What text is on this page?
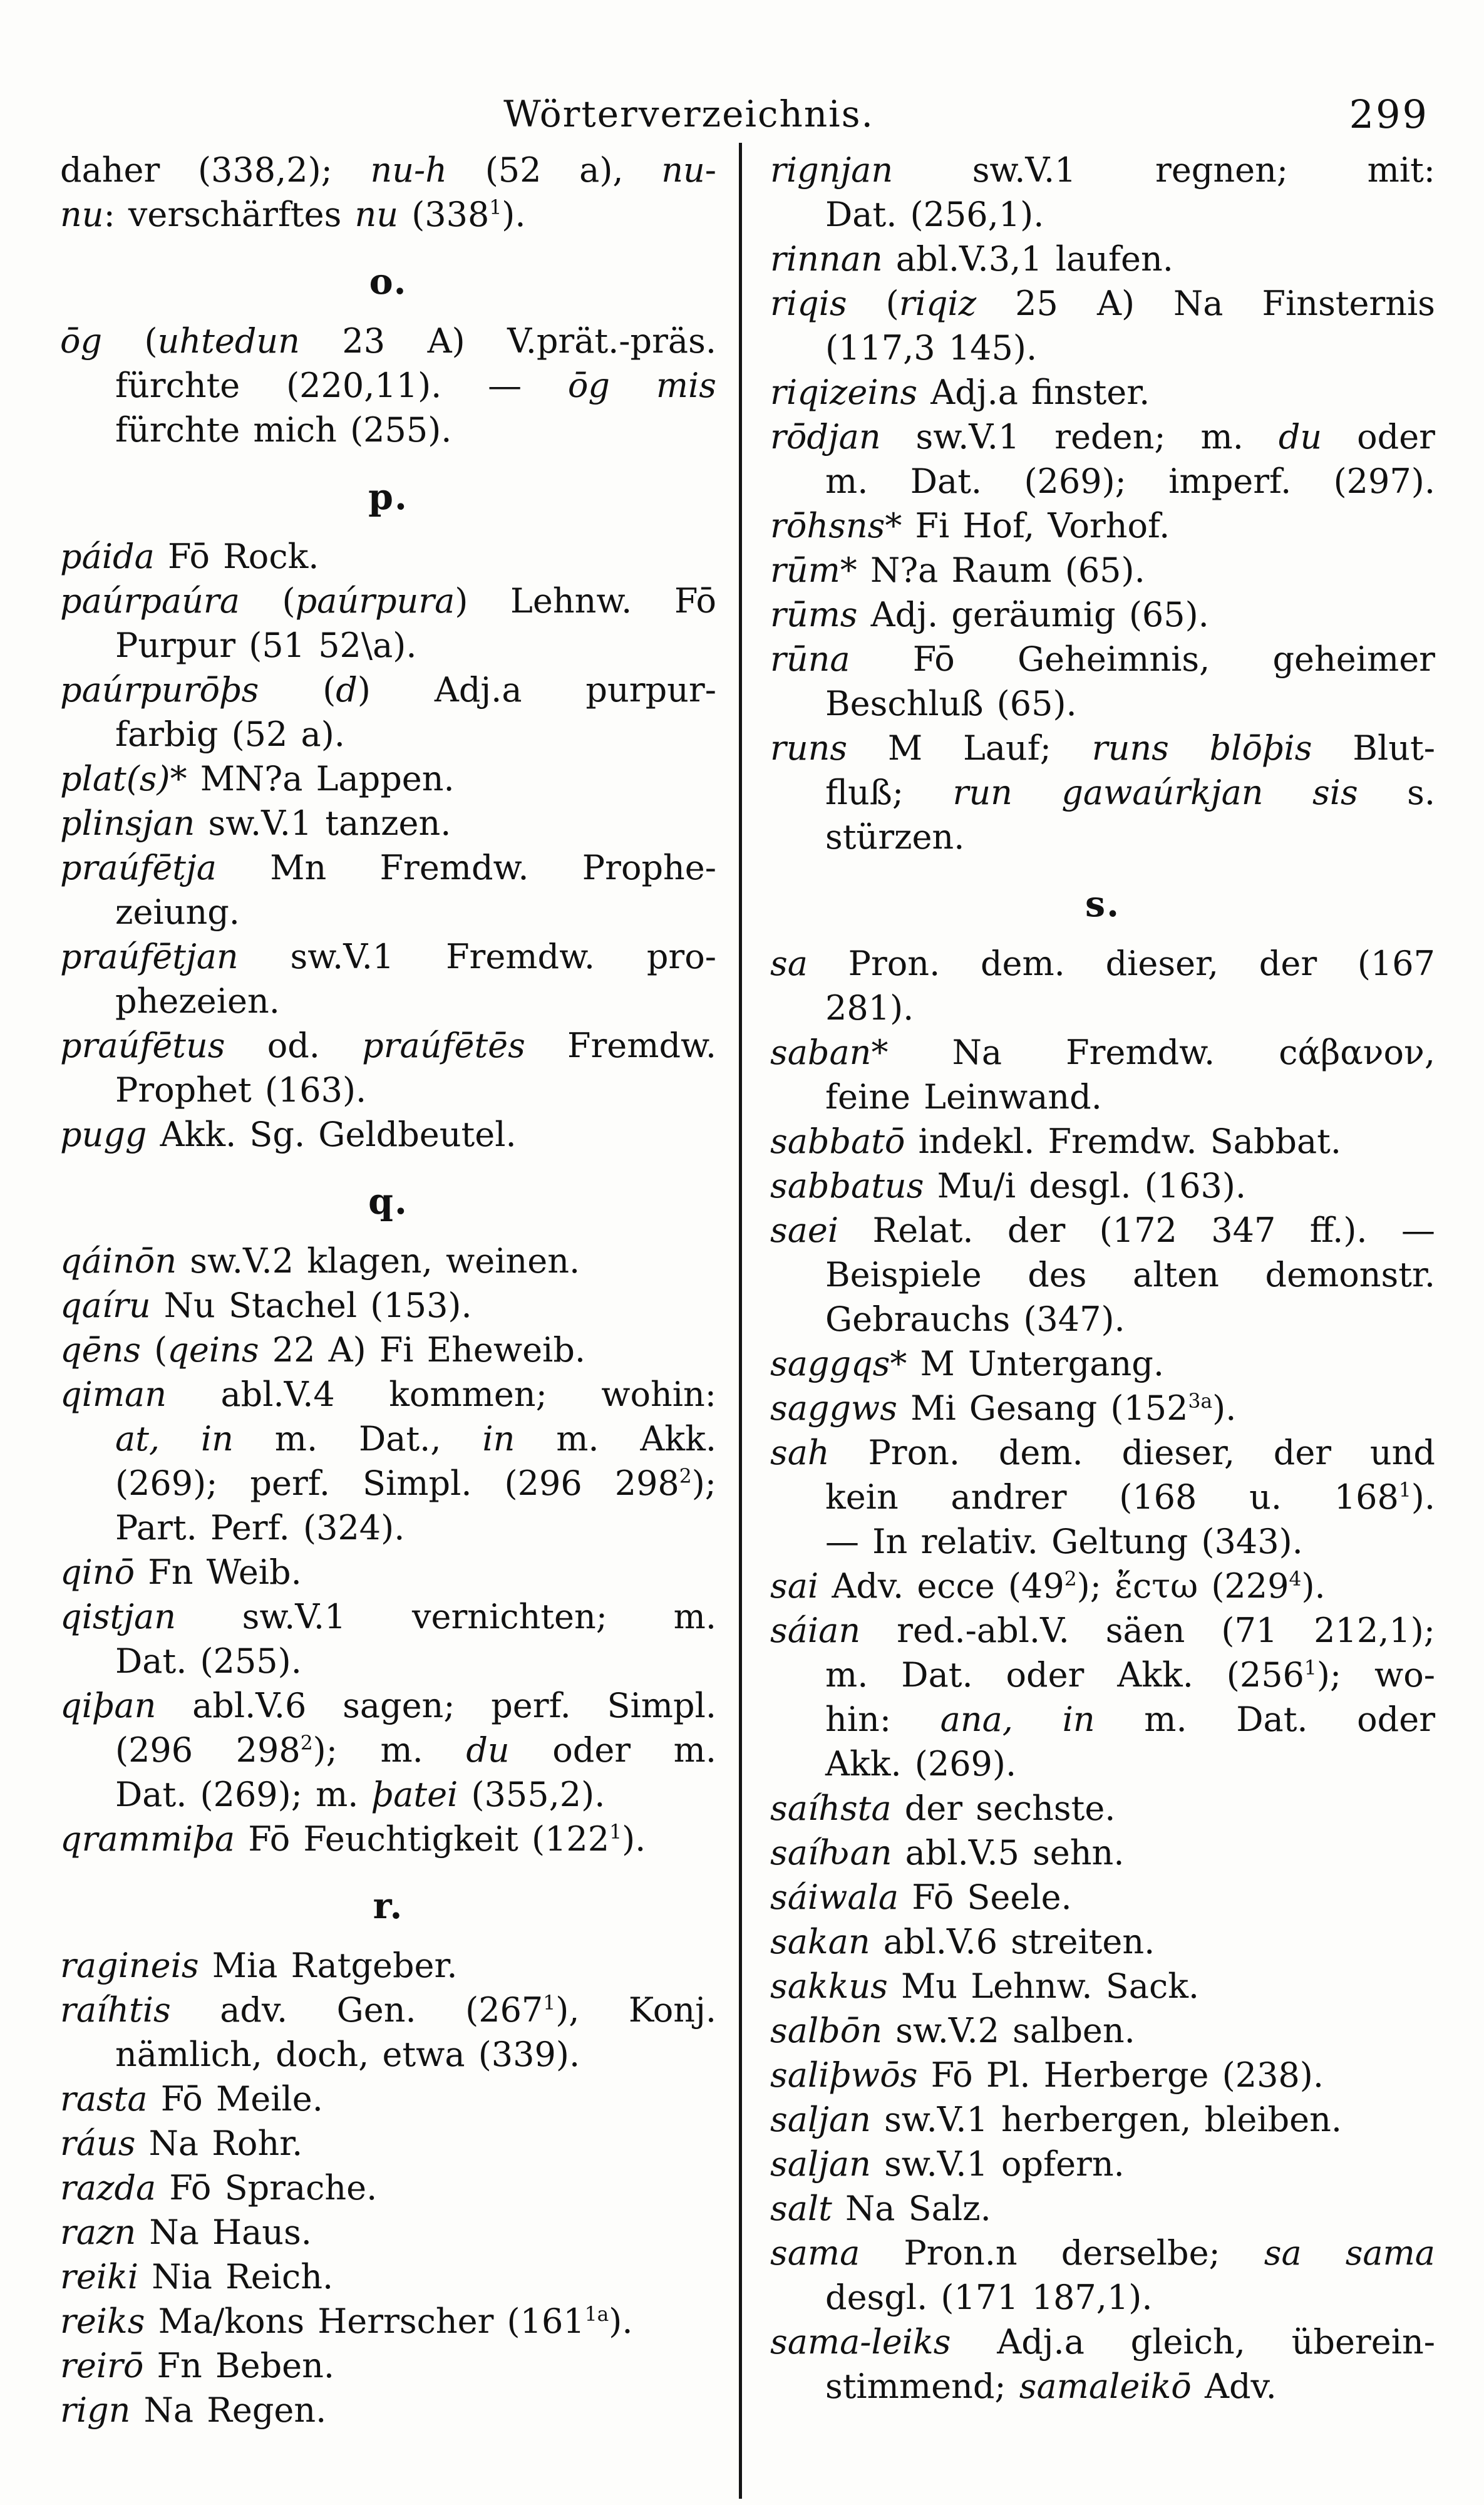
Wörterverzeichnis.	299
daher (338,2); nu-h (52 a), nu-
nu: verschärftes nu $(338^1)$.
o.
ōg (uhtedun 23 A) V.prät.-präs.
fürchte (220,11). — ōg mis
fürchte mich (255).
p.
páida Fō Rock.
paúrpaúra (paúrpura) Lehnw. Fō
Purpur (51 52\a).
paúrpurōþs (d) Adj.a purpur-
farbig (52 a).
plat(s)* MN?a Lappen.
plinsjan sw.V.1 tanzen.
praúfētja Mn Fremdw. Prophe-
zeiung.
praúfētjan sw.V.1 Fremdw. pro-
phezeien.
praúfētus od. praúfētēs Fremdw.
Prophet (163).
pugg Akk. Sg. Geldbeutel.
q.
qáinōn sw.V.2 klagen, weinen.
qaíru Nu Stachel (153).
qēns (qeins 22 A) Fi Eheweib.
qiman abl.V.4 kommen; wohin:
at, in m. Dat., in m. Akk.
(269); perf. Simpl. (296 $298^2$);
Part. Perf. (324).
qinō Fn Weib.
qistjan sw.V.1 vernichten; m.
Dat. (255).
qiþan abl.V.6 sagen; perf. Simpl.
(296 $298^2$); m. du oder m.
Dat. (269); m. þatei (355,2).
qrammiþa Fō Feuchtigkeit $(122^1)$.
r.
ragineis Mia Ratgeber.
raíhtis adv. Gen. $(267^1)$, Konj.
nämlich, doch, etwa (339).
rasta Fō Meile.
ráus Na Rohr.
razda Fō Sprache.
razn Na Haus.
reiki Nia Reich.
reiks Ma/kons Herrscher $(161^{1a})$.
reirō Fn Beben.
rign Na Regen.
rignjan sw.V.1 regnen; mit:
Dat. (256,1).
rinnan abl.V.3,1 laufen.
riqis (riqiz 25 A) Na Finsternis
(117,3 145).
riqizeins Adj.a finster.
rōdjan sw.V.1 reden; m. du oder
m. Dat. (269); imperf. (297).
rōhsns* Fi Hof, Vorhof.
rūm* N?a Raum (65).
rūms Adj. geräumig (65).
rūna Fō Geheimnis, geheimer
Beschluß (65).
runs M Lauf; runs blōþis Blut-
fluß; run gawaúrkjan sis s.
stürzen.
s.
sa Pron. dem. dieser, der (167
281).
saban* Na Fremdw. cάβανον,
feine Leinwand.
sabbatō indekl. Fremdw. Sabbat.
sabbatus Mu/i desgl. (163).
saei Relat. der (172 347 ff.). —
Beispiele des alten demonstr.
Gebrauchs (347).
saggqs* M Untergang.
saggws Mi Gesang $(152^{3a})$.
sah Pron. dem. dieser, der und
kein andrer (168 u. $168^1$).
— In relativ. Geltung (343).
sai Adv. ecce $(49^2)$; ἔcτω $(229^4)$.
sáian red.-abl.V. säen (71 212,1);
m. Dat. oder Akk. $(256^1)$; wo-
hin: ana, in m. Dat. oder
Akk. (269).
saíhsta der sechste.
saíƕan abl.V.5 sehn.
sáiwala Fō Seele.
sakan abl.V.6 streiten.
sakkus Mu Lehnw. Sack.
salbōn sw.V.2 salben.
saliþwōs Fō Pl. Herberge (238).
saljan sw.V.1 herbergen, bleiben.
saljan sw.V.1 opfern.
salt Na Salz.
sama Pron.n derselbe; sa sama
desgl. (171 187,1).
sama-leiks Adj.a gleich, überein-
stimmend; samaleikō Adv.
